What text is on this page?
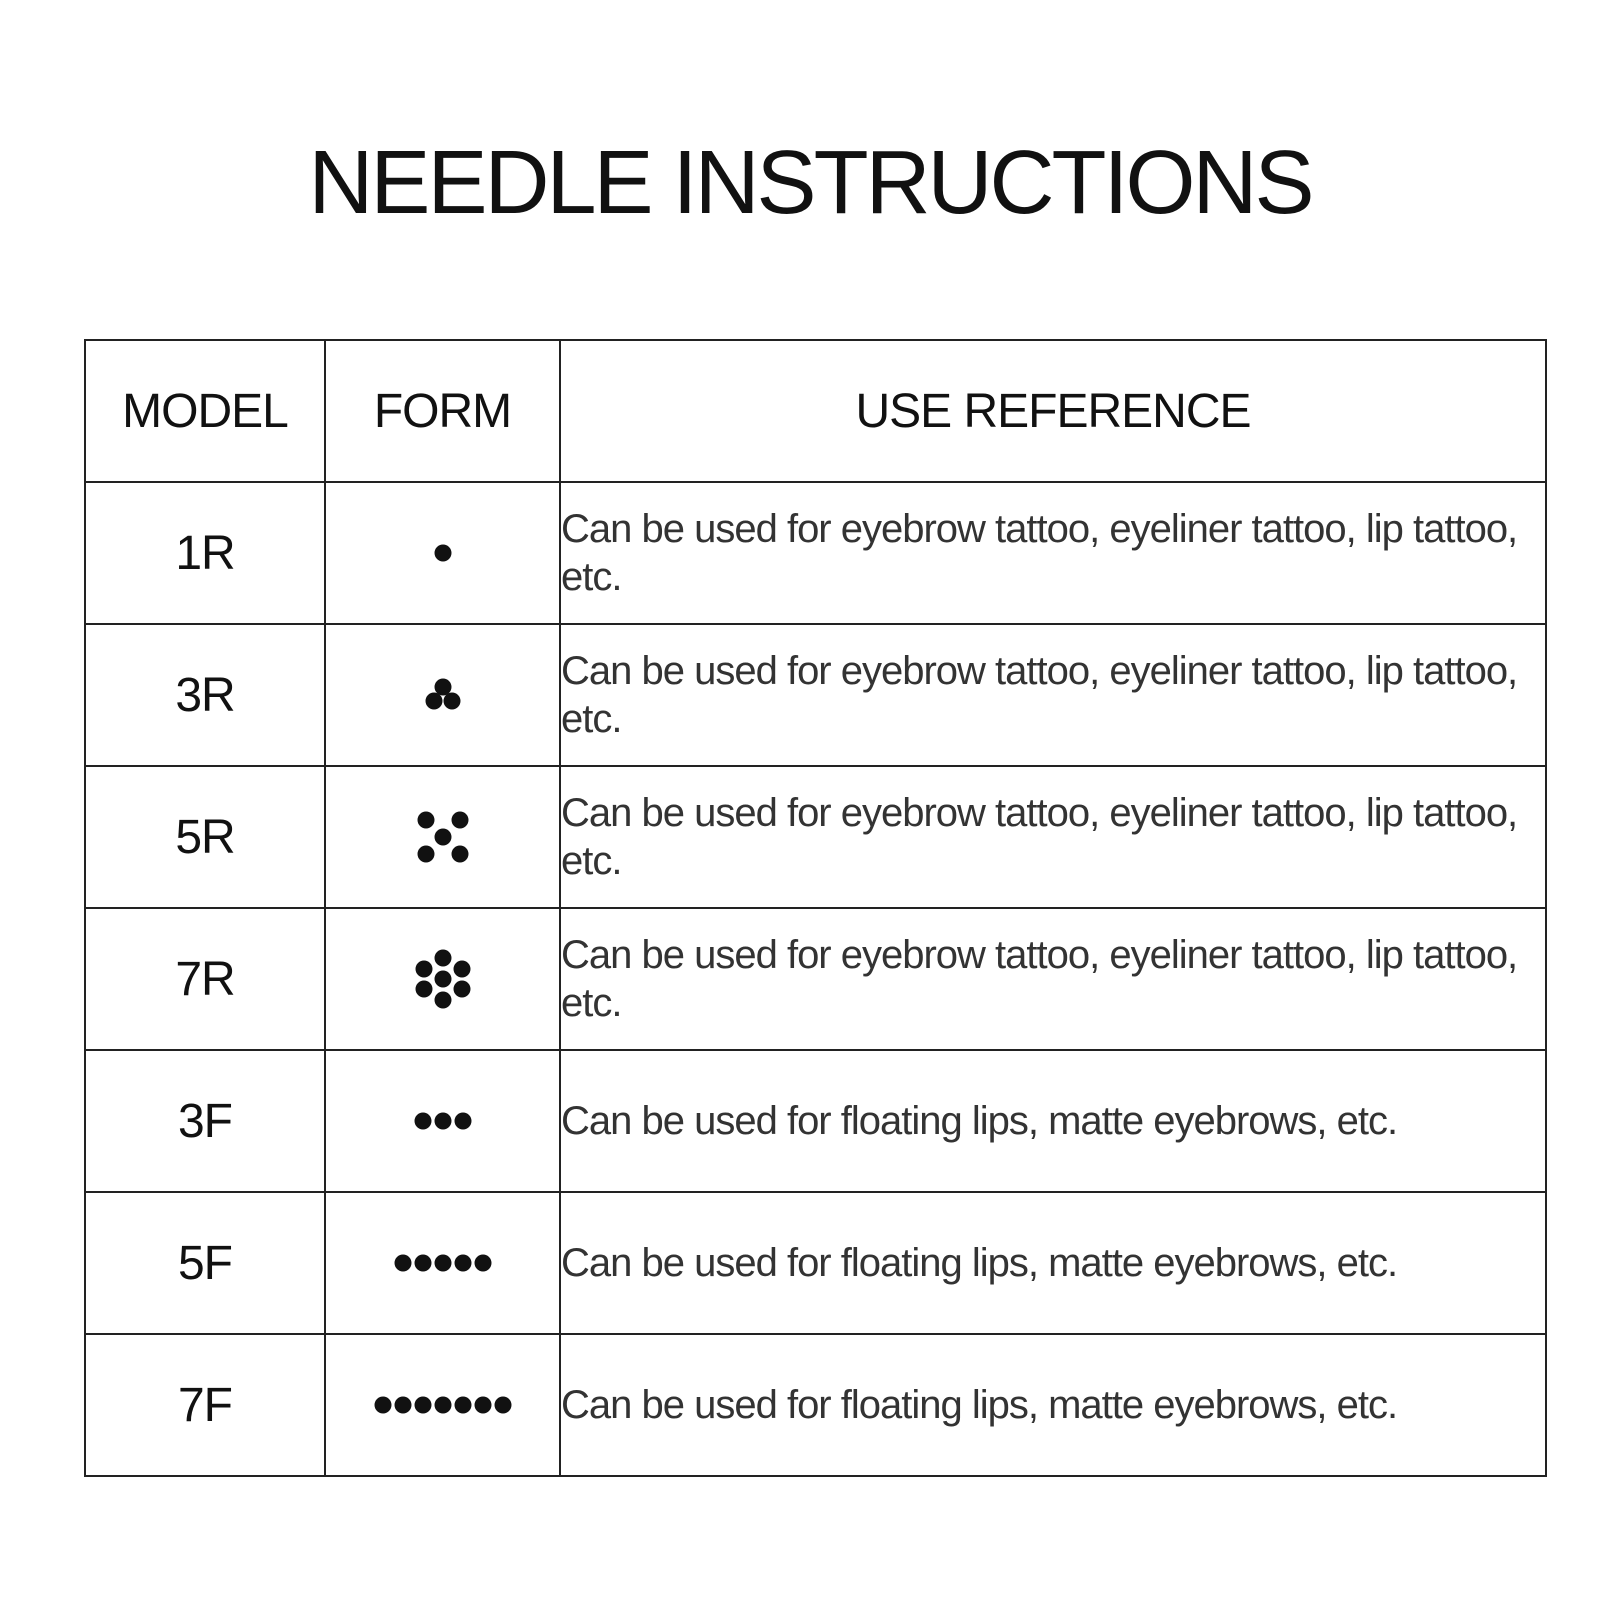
NEEDLE INSTRUCTIONS
MODEL	FORM	USE REFERENCE
1R		Can be used for eyebrow tattoo, eyeliner tattoo, lip tattoo, etc.
3R		Can be used for eyebrow tattoo, eyeliner tattoo, lip tattoo, etc.
5R		Can be used for eyebrow tattoo, eyeliner tattoo, lip tattoo, etc.
7R		Can be used for eyebrow tattoo, eyeliner tattoo, lip tattoo, etc.
3F		Can be used for floating lips, matte eyebrows, etc.
5F		Can be used for floating lips, matte eyebrows, etc.
7F		Can be used for floating lips, matte eyebrows, etc.
